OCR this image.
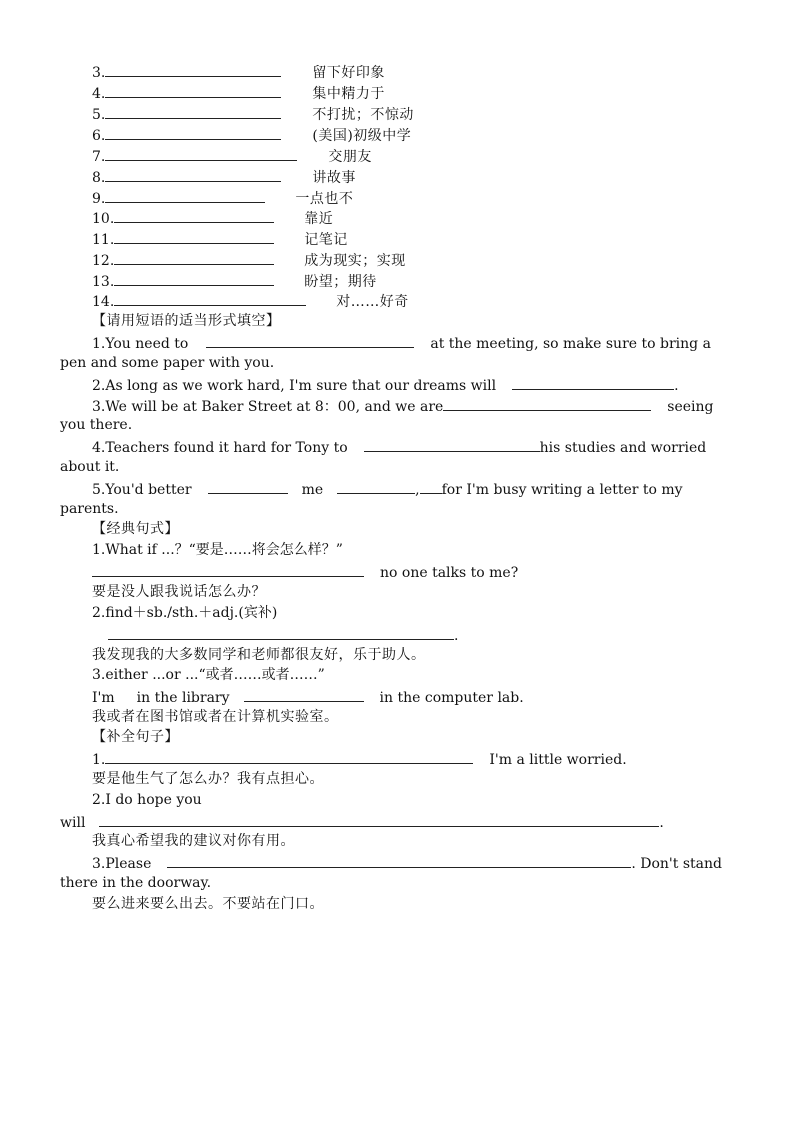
3.	留下好印象
4.	集中精力于
5.	不打扰；不惊动
6.	(美国)初级中学
7.	交朋友
8.	讲故事
9.	一点也不
10.	靠近
11.	记笔记
12.	成为现实；实现
13.	盼望；期待
14.	对……好奇
【请用短语的适当形式填空】
1.You need to	at the meeting, so make sure to bring a
pen and some paper with you.
2.As long as we work hard, I'm sure that our dreams will	.
3.We will be at Baker Street at 8：00, and we are	seeing
you there.
4.Teachers found it hard for Tony to	his studies and worried
about it.
5.You'd better	me	, for I'm busy writing a letter to my
parents.
【经典句式】
1.What if ...？“要是……将会怎么样？”
no one talks to me?
要是没人跟我说话怎么办？
2.find＋sb./sth.＋adj.(宾补)
.
我发现我的大多数同学和老师都很友好，乐于助人。
3.either ...or ...“或者……或者……”
I'm in the library	in the computer lab.
我或者在图书馆或者在计算机实验室。
【补全句子】
1.	I'm a little worried.
要是他生气了怎么办？我有点担心。
2.I do hope you
will	.
我真心希望我的建议对你有用。
3.Please	. Don't stand
there in the doorway.
要么进来要么出去。不要站在门口。
